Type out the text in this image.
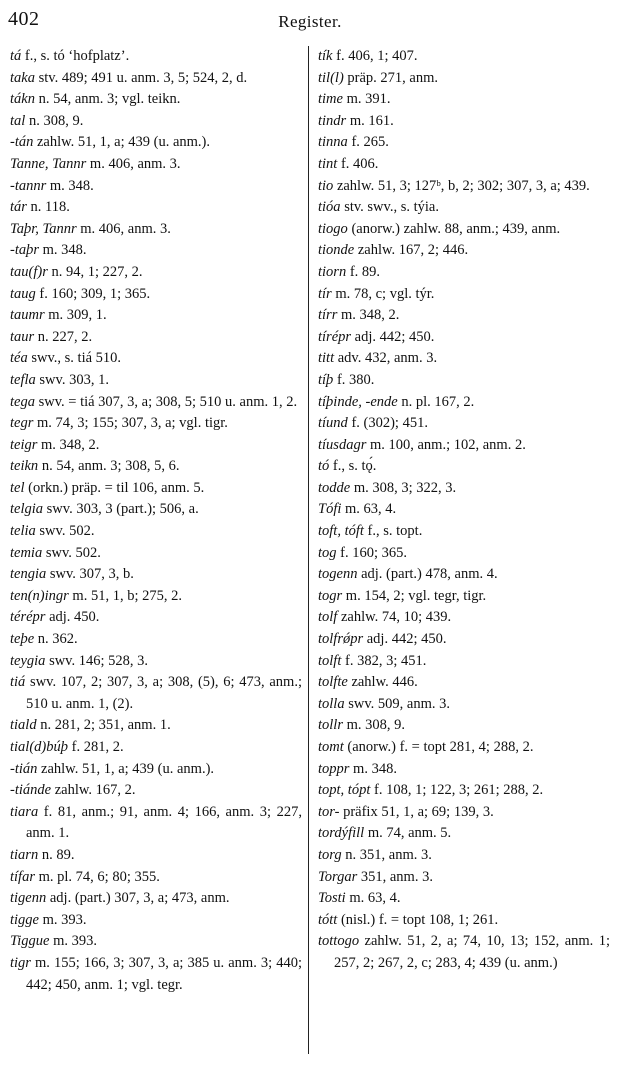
402	Register.

tá f., s. tó ‘hofplatz’.

taka stv. 489; 491 u. anm. 3, 5; 524, 2, d.

tákn n. 54, anm. 3; vgl. teikn.

tal n. 308, 9.

-tán zahlw. 51, 1, a; 439 (u. anm.).

Tanne, Tannr m. 406, anm. 3.

-tannr m. 348.

tár n. 118.

Taþr, Tannr m. 406, anm. 3.

-taþr m. 348.

tau(f)r n. 94, 1; 227, 2.

taug f. 160; 309, 1; 365.

taumr m. 309, 1.

taur n. 227, 2.

téa swv., s. tiá 510.

tefla swv. 303, 1.

tega swv. = tiá 307, 3, a; 308, 5; 510 u. anm. 1, 2.

tegr m. 74, 3; 155; 307, 3, a; vgl. tigr.

teigr m. 348, 2.

teikn n. 54, anm. 3; 308, 5, 6.

tel (orkn.) präp. = til 106, anm. 5.

telgia swv. 303, 3 (part.); 506, a.

telia swv. 502.

temia swv. 502.

tengia swv. 307, 3, b.

ten(n)ingr m. 51, 1, b; 275, 2.

térépr adj. 450.

teþe n. 362.

teygia swv. 146; 528, 3.

tiá swv. 107, 2; 307, 3, a; 308, (5), 6; 473, anm.; 510 u. anm. 1, (2).

tiald n. 281, 2; 351, anm. 1.

tial(d)búþ f. 281, 2.

-tián zahlw. 51, 1, a; 439 (u. anm.).

-tiánde zahlw. 167, 2.

tiara f. 81, anm.; 91, anm. 4; 166, anm. 3; 227, anm. 1.

tiarn n. 89.

tífar m. pl. 74, 6; 80; 355.

tigenn adj. (part.) 307, 3, a; 473, anm.

tigge m. 393.

Tiggue m. 393.

tigr m. 155; 166, 3; 307, 3, a; 385 u. anm. 3; 440; 442; 450, anm. 1; vgl. tegr.

tík f. 406, 1; 407.

til(l) präp. 271, anm.

time m. 391.

tindr m. 161.

tinna f. 265.

tint f. 406.

tio zahlw. 51, 3; 127ᵇ, b, 2; 302; 307, 3, a; 439.

tióa stv. swv., s. týia.

tiogo (anorw.) zahlw. 88, anm.; 439, anm.

tionde zahlw. 167, 2; 446.

tiorn f. 89.

tír m. 78, c; vgl. týr.

tírr m. 348, 2.

tírépr adj. 442; 450.

titt adv. 432, anm. 3.

tíþ f. 380.

tíþinde, -ende n. pl. 167, 2.

tíund f. (302); 451.

tíusdagr m. 100, anm.; 102, anm. 2.

tó f., s. tǫ́.

todde m. 308, 3; 322, 3.

Tófi m. 63, 4.

toft, tóft f., s. topt.

tog f. 160; 365.

togenn adj. (part.) 478, anm. 4.

togr m. 154, 2; vgl. tegr, tigr.

tolf zahlw. 74, 10; 439.

tolfrǿpr adj. 442; 450.

tolft f. 382, 3; 451.

tolfte zahlw. 446.

tolla swv. 509, anm. 3.

tollr m. 308, 9.

tomt (anorw.) f. = topt 281, 4; 288, 2.

toppr m. 348.

topt, tópt f. 108, 1; 122, 3; 261; 288, 2.

tor- präfix 51, 1, a; 69; 139, 3.

tordýfill m. 74, anm. 5.

torg n. 351, anm. 3.

Torgar 351, anm. 3.

Tosti m. 63, 4.

tótt (nisl.) f. = topt 108, 1; 261.

tottogo zahlw. 51, 2, a; 74, 10, 13; 152, anm. 1; 257, 2; 267, 2, c; 283, 4; 439 (u. anm.)
